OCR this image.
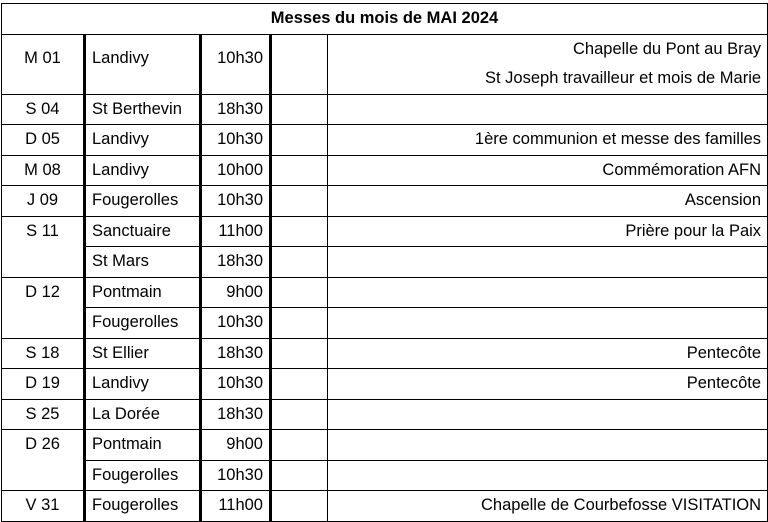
Messes du mois de MAI 2024				
M 01	Landivy	10h30		Chapelle du Pont au Bray
St Joseph travailleur et mois de Marie

S 04	St Berthevin	18h30		
D 05	Landivy	10h30		1ère communion et messe des familles
M 08	Landivy	10h00		Commémoration AFN
J 09	Fougerolles	10h30		Ascension
S 11	Sanctuaire	11h00		Prière pour la Paix
	St Mars	18h30		
D 12	Pontmain	9h00		
	Fougerolles	10h30		
S 18	St Ellier	18h30		Pentecôte
D 19	Landivy	10h30		Pentecôte
S 25	La Dorée	18h30		
D 26	Pontmain	9h00		
	Fougerolles	10h30		
V 31	Fougerolles	11h00		Chapelle de Courbefosse VISITATION
